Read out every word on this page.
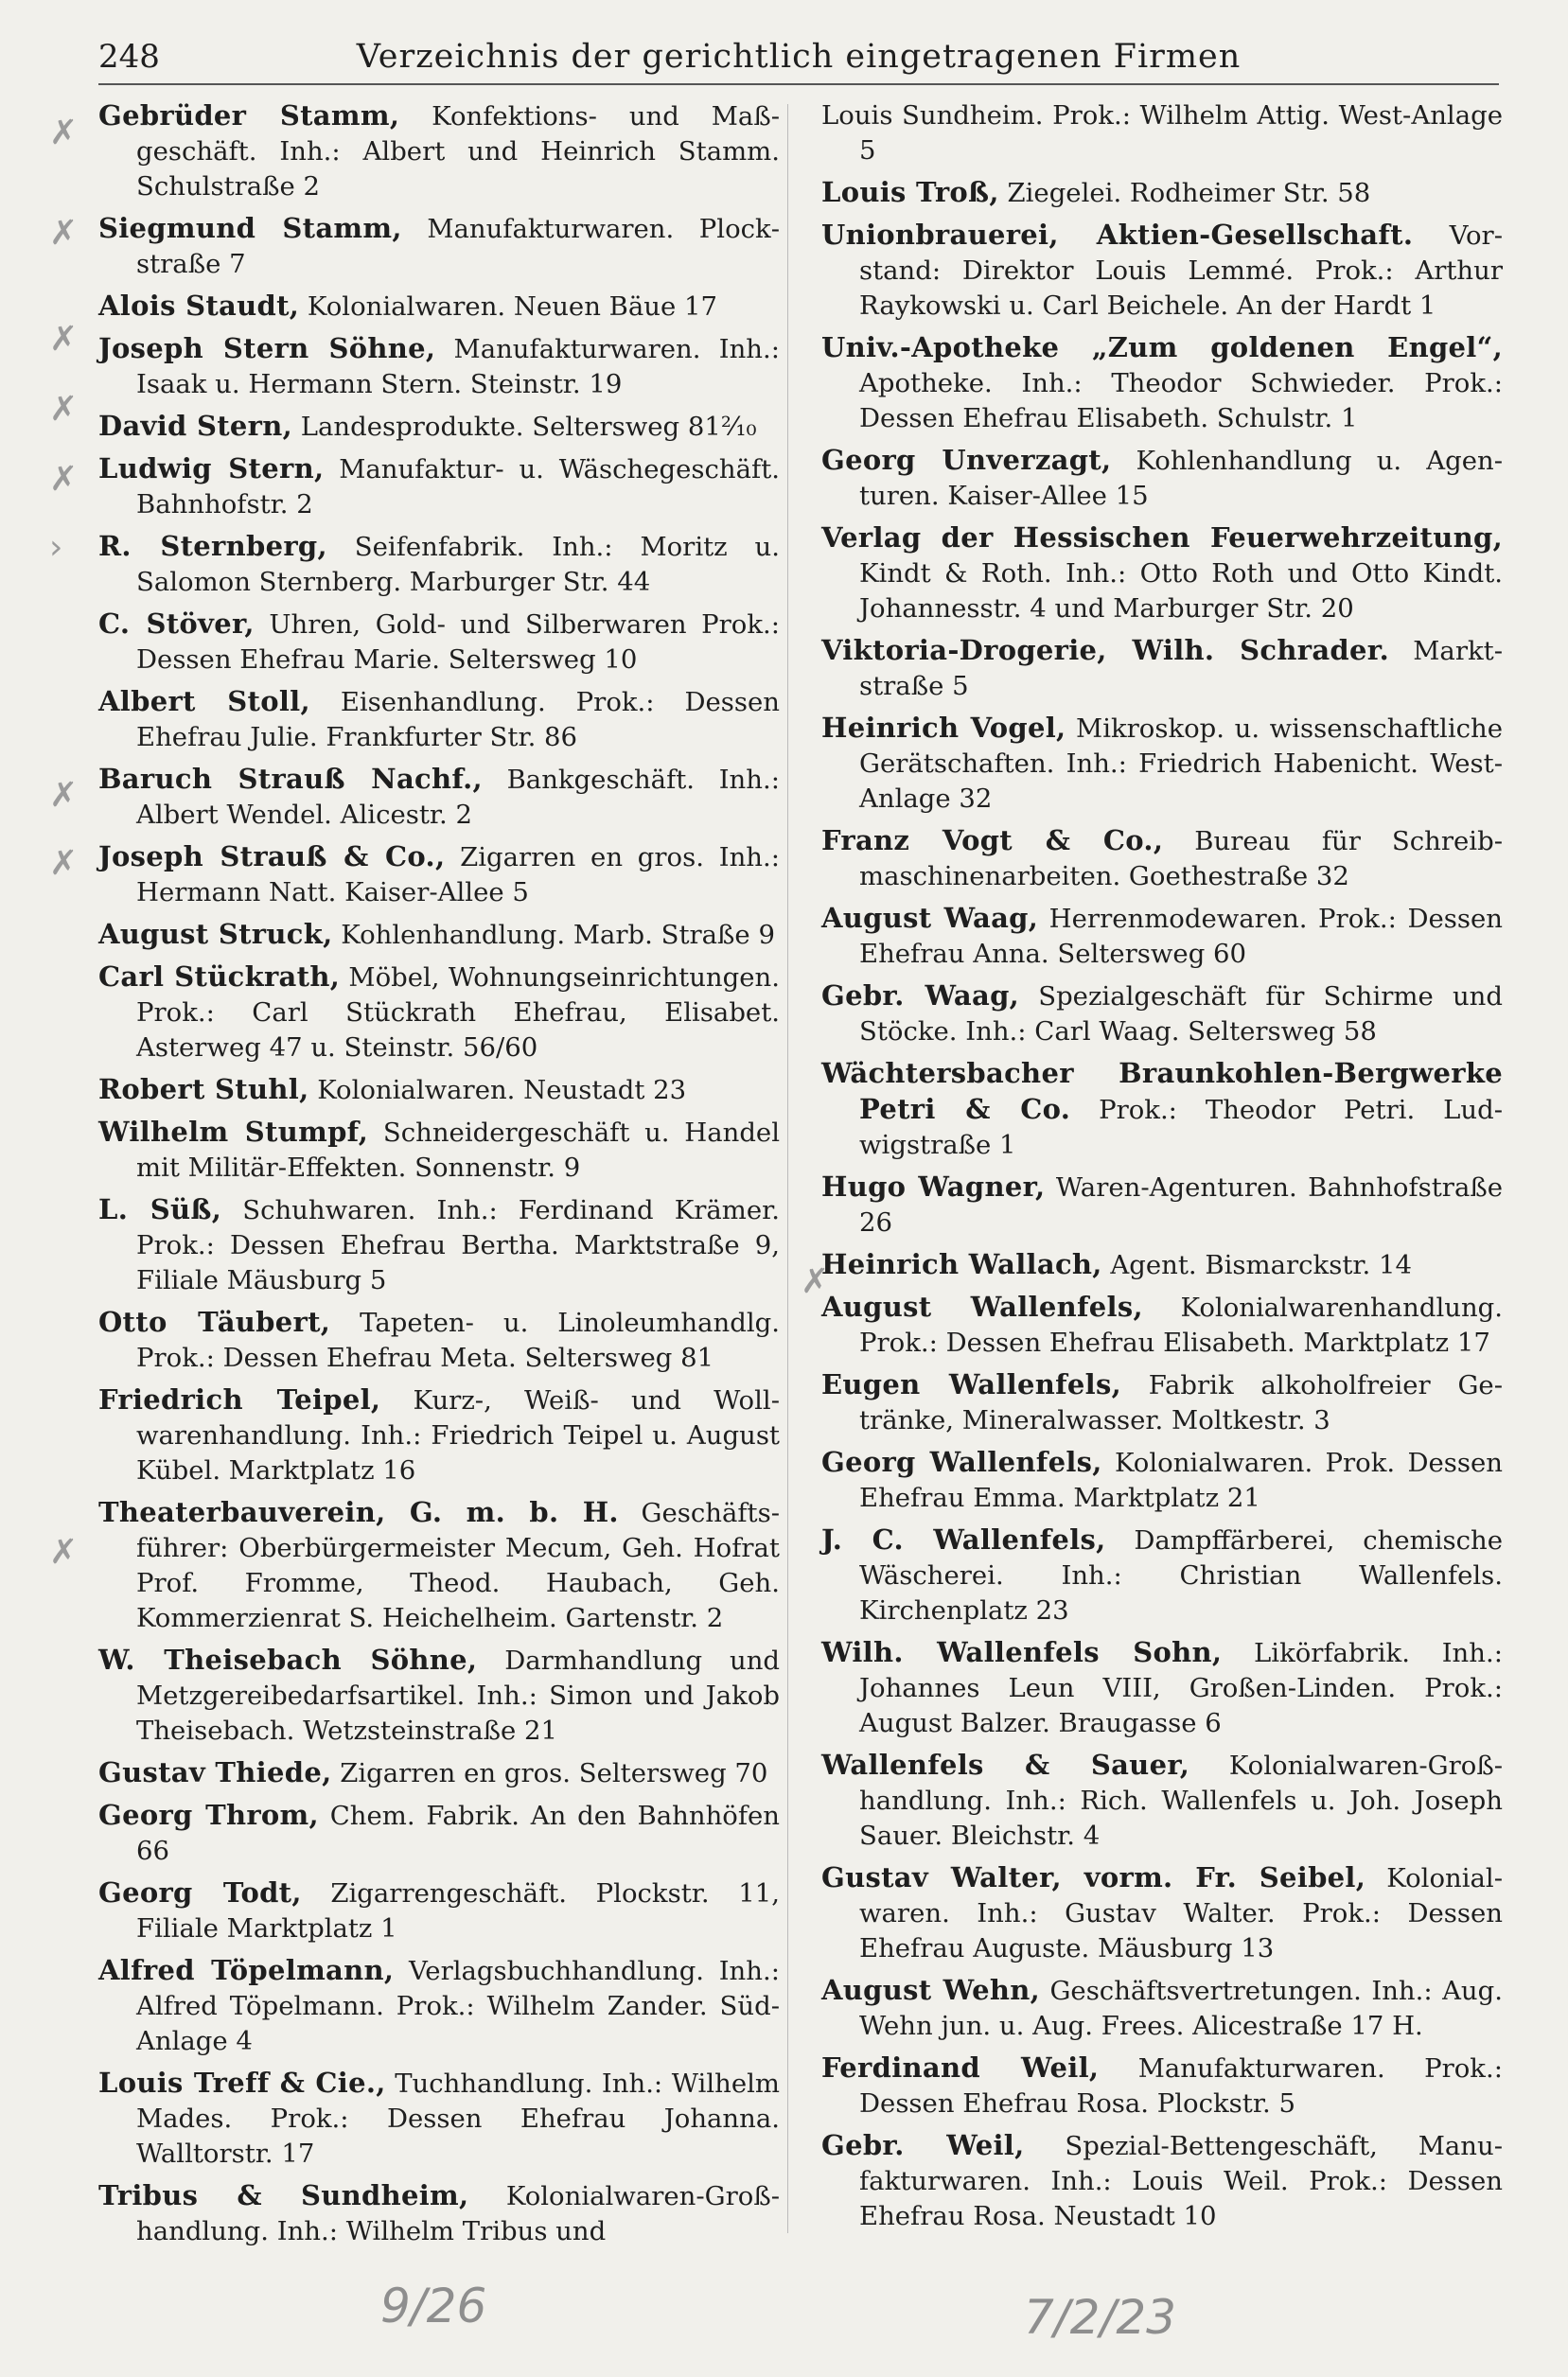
248	Verzeichnis der gerichtlich eingetragenen Firmen

Gebrüder Stamm, Konfektions- und Maßgeschäft. Inh.: Albert und Heinrich Stamm. Schulstraße 2

Siegmund Stamm, Manufakturwaren. Plockstraße 7

Alois Staudt, Kolonialwaren. Neuen Bäue 17

Joseph Stern Söhne, Manufakturwaren. Inh.: Isaak u. Hermann Stern. Steinstr. 19

David Stern, Landesprodukte. Seltersweg 81²⁄₁₀

Ludwig Stern, Manufaktur- u. Wäschegeschäft. Bahnhofstr. 2

R. Sternberg, Seifenfabrik. Inh.: Moritz u. Salomon Sternberg. Marburger Str. 44

C. Stöver, Uhren, Gold- und Silberwaren Prok.: Dessen Ehefrau Marie. Seltersweg 10

Albert Stoll, Eisenhandlung. Prok.: Dessen Ehefrau Julie. Frankfurter Str. 86

Baruch Strauß Nachf., Bankgeschäft. Inh.: Albert Wendel. Alicestr. 2

Joseph Strauß & Co., Zigarren en gros. Inh.: Hermann Natt. Kaiser-Allee 5

August Struck, Kohlenhandlung. Marb. Straße 9

Carl Stückrath, Möbel, Wohnungseinrichtungen. Prok.: Carl Stückrath Ehefrau, Elisabet. Asterweg 47 u. Steinstr. 56/60

Robert Stuhl, Kolonialwaren. Neustadt 23

Wilhelm Stumpf, Schneidergeschäft u. Handel mit Militär-Effekten. Sonnenstr. 9

L. Süß, Schuhwaren. Inh.: Ferdinand Krämer. Prok.: Dessen Ehefrau Bertha. Marktstraße 9, Filiale Mäusburg 5

Otto Täubert, Tapeten- u. Linoleumhandlg. Prok.: Dessen Ehefrau Meta. Seltersweg 81

Friedrich Teipel, Kurz-, Weiß- und Wollwarenhandlung. Inh.: Friedrich Teipel u. August Kübel. Marktplatz 16

Theaterbauverein, G. m. b. H. Geschäftsführer: Oberbürgermeister Mecum, Geh. Hofrat Prof. Fromme, Theod. Haubach, Geh. Kommerzienrat S. Heichelheim. Gartenstr. 2

W. Theisebach Söhne, Darmhandlung und Metzgereibedarfsartikel. Inh.: Simon und Jakob Theisebach. Wetzsteinstraße 21

Gustav Thiede, Zigarren en gros. Seltersweg 70

Georg Throm, Chem. Fabrik. An den Bahnhöfen 66

Georg Todt, Zigarrengeschäft. Plockstr. 11, Filiale Marktplatz 1

Alfred Töpelmann, Verlagsbuchhandlung. Inh.: Alfred Töpelmann. Prok.: Wilhelm Zander. Süd-Anlage 4

Louis Treff & Cie., Tuchhandlung. Inh.: Wilhelm Mades. Prok.: Dessen Ehefrau Johanna. Walltorstr. 17

Tribus & Sundheim, Kolonialwaren-Großhandlung. Inh.: Wilhelm Tribus und

Louis Sundheim. Prok.: Wilhelm Attig. West-Anlage 5

Louis Troß, Ziegelei. Rodheimer Str. 58

Unionbrauerei, Aktien-Gesellschaft. Vorstand: Direktor Louis Lemmé. Prok.: Arthur Raykowski u. Carl Beichele. An der Hardt 1

Univ.-Apotheke „Zum goldenen Engel“, Apotheke. Inh.: Theodor Schwieder. Prok.: Dessen Ehefrau Elisabeth. Schulstr. 1

Georg Unverzagt, Kohlenhandlung u. Agenturen. Kaiser-Allee 15

Verlag der Hessischen Feuerwehrzeitung, Kindt & Roth. Inh.: Otto Roth und Otto Kindt. Johannesstr. 4 und Marburger Str. 20

Viktoria-Drogerie, Wilh. Schrader. Marktstraße 5

Heinrich Vogel, Mikroskop. u. wissenschaftliche Gerätschaften. Inh.: Friedrich Habenicht. West-Anlage 32

Franz Vogt & Co., Bureau für Schreibmaschinenarbeiten. Goethestraße 32

August Waag, Herrenmodewaren. Prok.: Dessen Ehefrau Anna. Seltersweg 60

Gebr. Waag, Spezialgeschäft für Schirme und Stöcke. Inh.: Carl Waag. Seltersweg 58

Wächtersbacher Braunkohlen-Bergwerke Petri & Co. Prok.: Theodor Petri. Ludwigstraße 1

Hugo Wagner, Waren-Agenturen. Bahnhofstraße 26

Heinrich Wallach, Agent. Bismarckstr. 14

August Wallenfels, Kolonialwarenhandlung. Prok.: Dessen Ehefrau Elisabeth. Marktplatz 17

Eugen Wallenfels, Fabrik alkoholfreier Getränke, Mineralwasser. Moltkestr. 3

Georg Wallenfels, Kolonialwaren. Prok. Dessen Ehefrau Emma. Marktplatz 21

J. C. Wallenfels, Dampffärberei, chemische Wäscherei. Inh.: Christian Wallenfels. Kirchenplatz 23

Wilh. Wallenfels Sohn, Likörfabrik. Inh.: Johannes Leun VIII, Großen-Linden. Prok.: August Balzer. Braugasse 6

Wallenfels & Sauer, Kolonialwaren-Großhandlung. Inh.: Rich. Wallenfels u. Joh. Joseph Sauer. Bleichstr. 4

Gustav Walter, vorm. Fr. Seibel, Kolonialwaren. Inh.: Gustav Walter. Prok.: Dessen Ehefrau Auguste. Mäusburg 13

August Wehn, Geschäftsvertretungen. Inh.: Aug. Wehn jun. u. Aug. Frees. Alicestraße 17 H.

Ferdinand Weil, Manufakturwaren. Prok.: Dessen Ehefrau Rosa. Plockstr. 5

Gebr. Weil, Spezial-Bettengeschäft, Manufakturwaren. Inh.: Louis Weil. Prok.: Dessen Ehefrau Rosa. Neustadt 10

✗
✗
✗
✗
✗
›
✗
✗
✗
✗
9/26	7/2/23
